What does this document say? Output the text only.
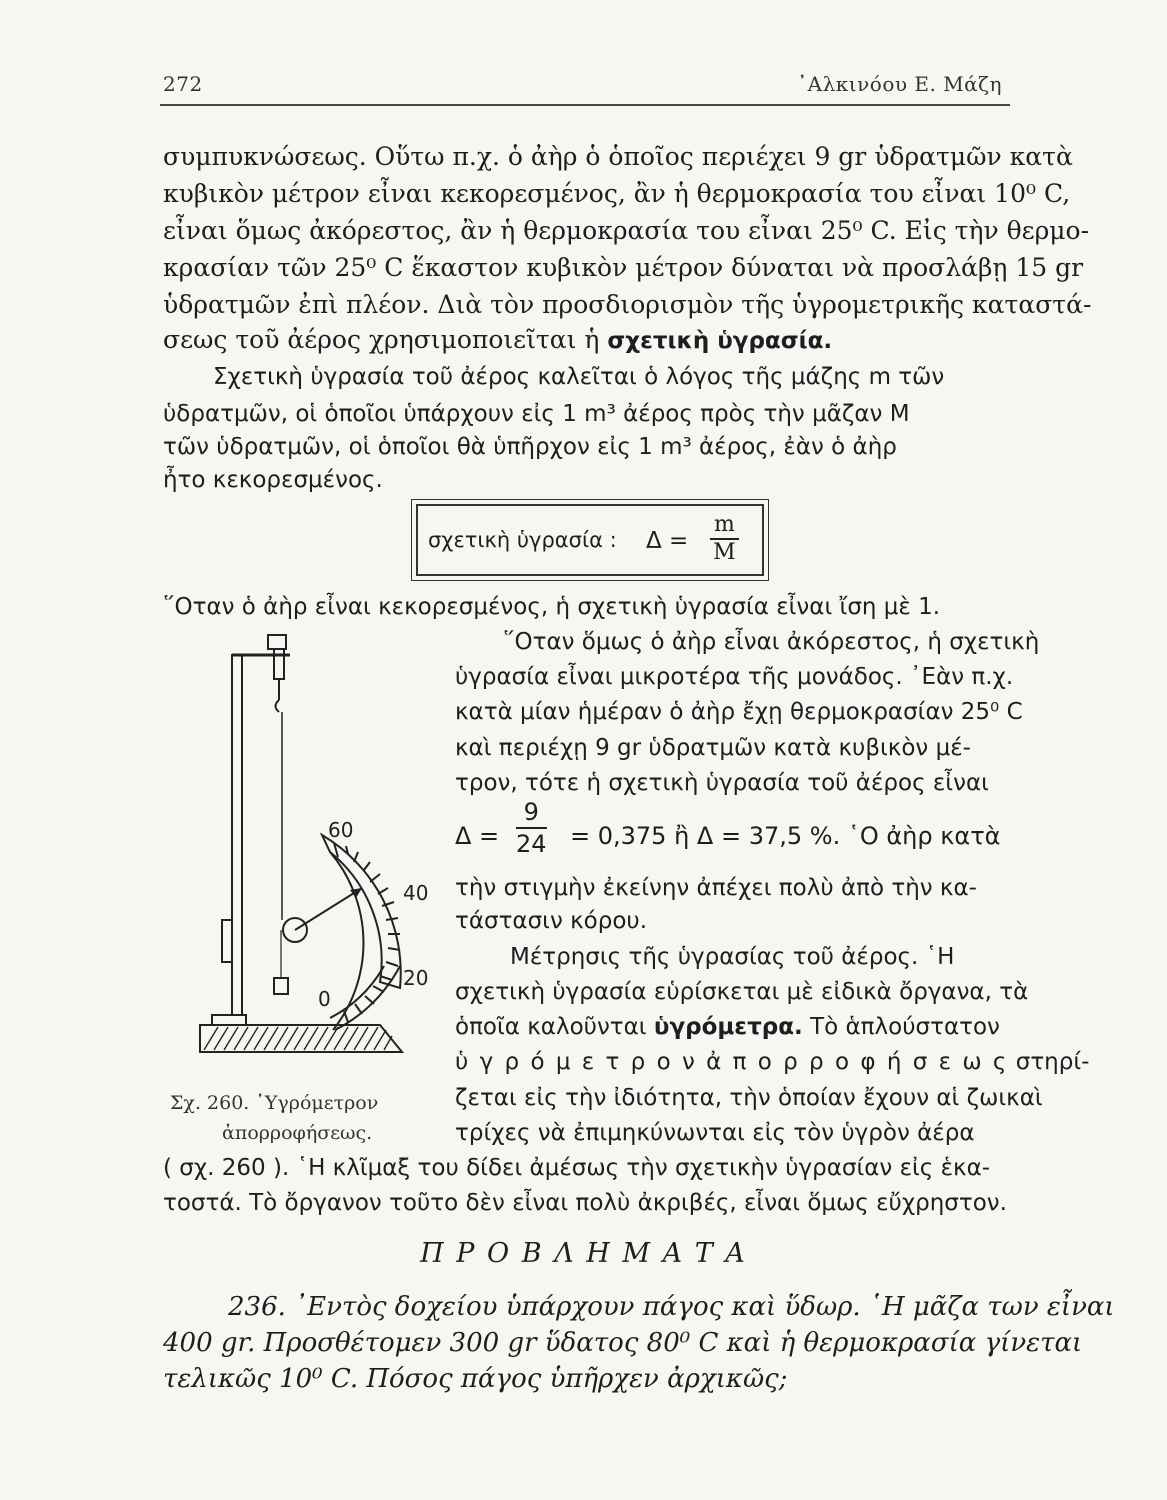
272	᾿Αλκινόου Ε. Μάζη
συμπυκνώσεως. Οὕτω π.χ. ὁ ἀὴρ ὁ ὁποῖος περιέχει 9 gr ὑδρατμῶν κατὰ
κυβικὸν μέτρον εἶναι κεκορεσμένος, ἂν ἡ θερμοκρασία του εἶναι 10⁰ C,
εἶναι ὅμως ἀκόρεστος, ἂν ἡ θερμοκρασία του εἶναι 25⁰ C. Εἰς τὴν θερμο-
κρασίαν τῶν 25⁰ C ἕκαστον κυβικὸν μέτρον δύναται νὰ προσλάβῃ 15 gr
ὑδρατμῶν ἐπὶ πλέον. Διὰ τὸν προσδιορισμὸν τῆς ὑγρομετρικῆς καταστά-
σεως τοῦ ἀέρος χρησιμοποιεῖται ἡ σχετικὴ ὑγρασία.
Σχετικὴ ὑγρασία τοῦ ἀέρος καλεῖται ὁ λόγος τῆς μάζης m τῶν
ὑδρατμῶν, οἱ ὁποῖοι ὑπάρχουν εἰς 1 m³ ἀέρος πρὸς τὴν μᾶζαν Μ
τῶν ὑδρατμῶν, οἱ ὁποῖοι θὰ ὑπῆρχον εἰς 1 m³ ἀέρος, ἐὰν ὁ ἀὴρ
ἦτο κεκορεσμένος.
σχετικὴ ὑγρασία : $\Delta = \frac{m}{M}$
῞Οταν ὁ ἀὴρ εἶναι κεκορεσμένος, ἡ σχετικὴ ὑγρασία εἶναι ἴση μὲ 1.
῞Οταν ὅμως ὁ ἀὴρ εἶναι ἀκόρεστος, ἡ σχετικὴ
ὑγρασία εἶναι μικροτέρα τῆς μονάδος. ᾿Εὰν π.χ.
κατὰ μίαν ἡμέραν ὁ ἀὴρ ἔχῃ θερμοκρασίαν 25⁰ C
καὶ περιέχῃ 9 gr ὑδρατμῶν κατὰ κυβικὸν μέ-
τρον, τότε ἡ σχετικὴ ὑγρασία τοῦ ἀέρος εἶναι
$\Delta = \frac{9}{24} = 0,375$ ἢ Δ = 37,5 %. ῾Ο ἀὴρ κατὰ
τὴν στιγμὴν ἐκείνην ἀπέχει πολὺ ἀπὸ τὴν κα-
τάστασιν κόρου.
Μέτρησις τῆς ὑγρασίας τοῦ ἀέρος. ῾Η
σχετικὴ ὑγρασία εὑρίσκεται μὲ εἰδικὰ ὄργανα, τὰ
ὁποῖα καλοῦνται ὑγρόμετρα. Τὸ ἁπλούστατον
ὑ γ ρ ό μ ε τ ρ ο ν ἀ π ο ρ ρ ο φ ή σ ε ω ς στηρί-
ζεται εἰς τὴν ἰδιότητα, τὴν ὁποίαν ἔχουν αἱ ζωικαὶ
τρίχες νὰ ἐπιμηκύνωνται εἰς τὸν ὑγρὸν ἀέρα
( σχ. 260 ). ῾Η κλῖμαξ του δίδει ἀμέσως τὴν σχετικὴν ὑγρασίαν εἰς ἑκα-
τοστά. Τὸ ὄργανον τοῦτο δὲν εἶναι πολὺ ἀκριβές, εἶναι ὅμως εὔχρηστον.
60
40
20
0
Σχ. 260. ῾Υγρόμετρον
ἀπορροφήσεως.
Π Ρ Ο Β Λ Η Μ Α Τ Α
236. ᾿Εντὸς δοχείου ὑπάρχουν πάγος καὶ ὕδωρ. ῾Η μᾶζα των εἶναι
400 gr. Προσθέτομεν 300 gr ὕδατος 80⁰ C καὶ ἡ θερμοκρασία γίνεται
τελικῶς 10⁰ C. Πόσος πάγος ὑπῆρχεν ἀρχικῶς;
